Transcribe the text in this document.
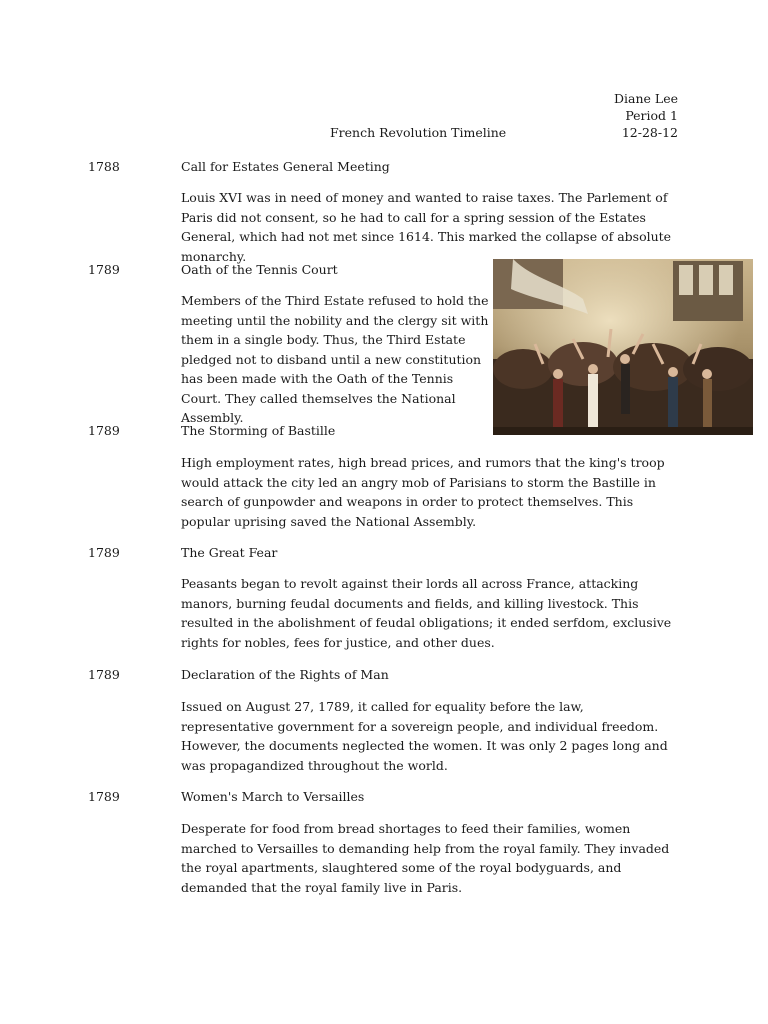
Diane Lee
Period 1
12-28-12
French Revolution Timeline
1788	Call for Estates General Meeting

Louis XVI was in need of money and wanted to raise taxes. The Parlement of Paris did not consent, so he had to call for a spring session of the Estates General, which had not met since 1614. This marked the collapse of absolute monarchy.

1789	Oath of the Tennis Court

Members of the Third Estate refused to hold the meeting until the nobility and the clergy sit with them in a single body. Thus, the Third Estate pledged not to disband until a new constitution has been made with the Oath of the Tennis Court. They called themselves the National Assembly.

1789	The Storming of Bastille

High employment rates, high bread prices, and rumors that the king's troop would attack the city led an angry mob of Parisians to storm the Bastille in search of gunpowder and weapons in order to protect themselves. This popular uprising saved the National Assembly.

1789	The Great Fear

Peasants began to revolt against their lords all across France, attacking manors, burning feudal documents and fields, and killing livestock. This resulted in the abolishment of feudal obligations; it ended serfdom, exclusive rights for nobles, fees for justice, and other dues.

1789	Declaration of the Rights of Man

Issued on August 27, 1789, it called for equality before the law, representative government for a sovereign people, and individual freedom. However, the documents neglected the women. It was only 2 pages long and was propagandized throughout the world.

1789	Women's March to Versailles

Desperate for food from bread shortages to feed their families, women marched to Versailles to demanding help from the royal family. They invaded the royal apartments, slaughtered some of the royal bodyguards, and demanded that the royal family live in Paris.
